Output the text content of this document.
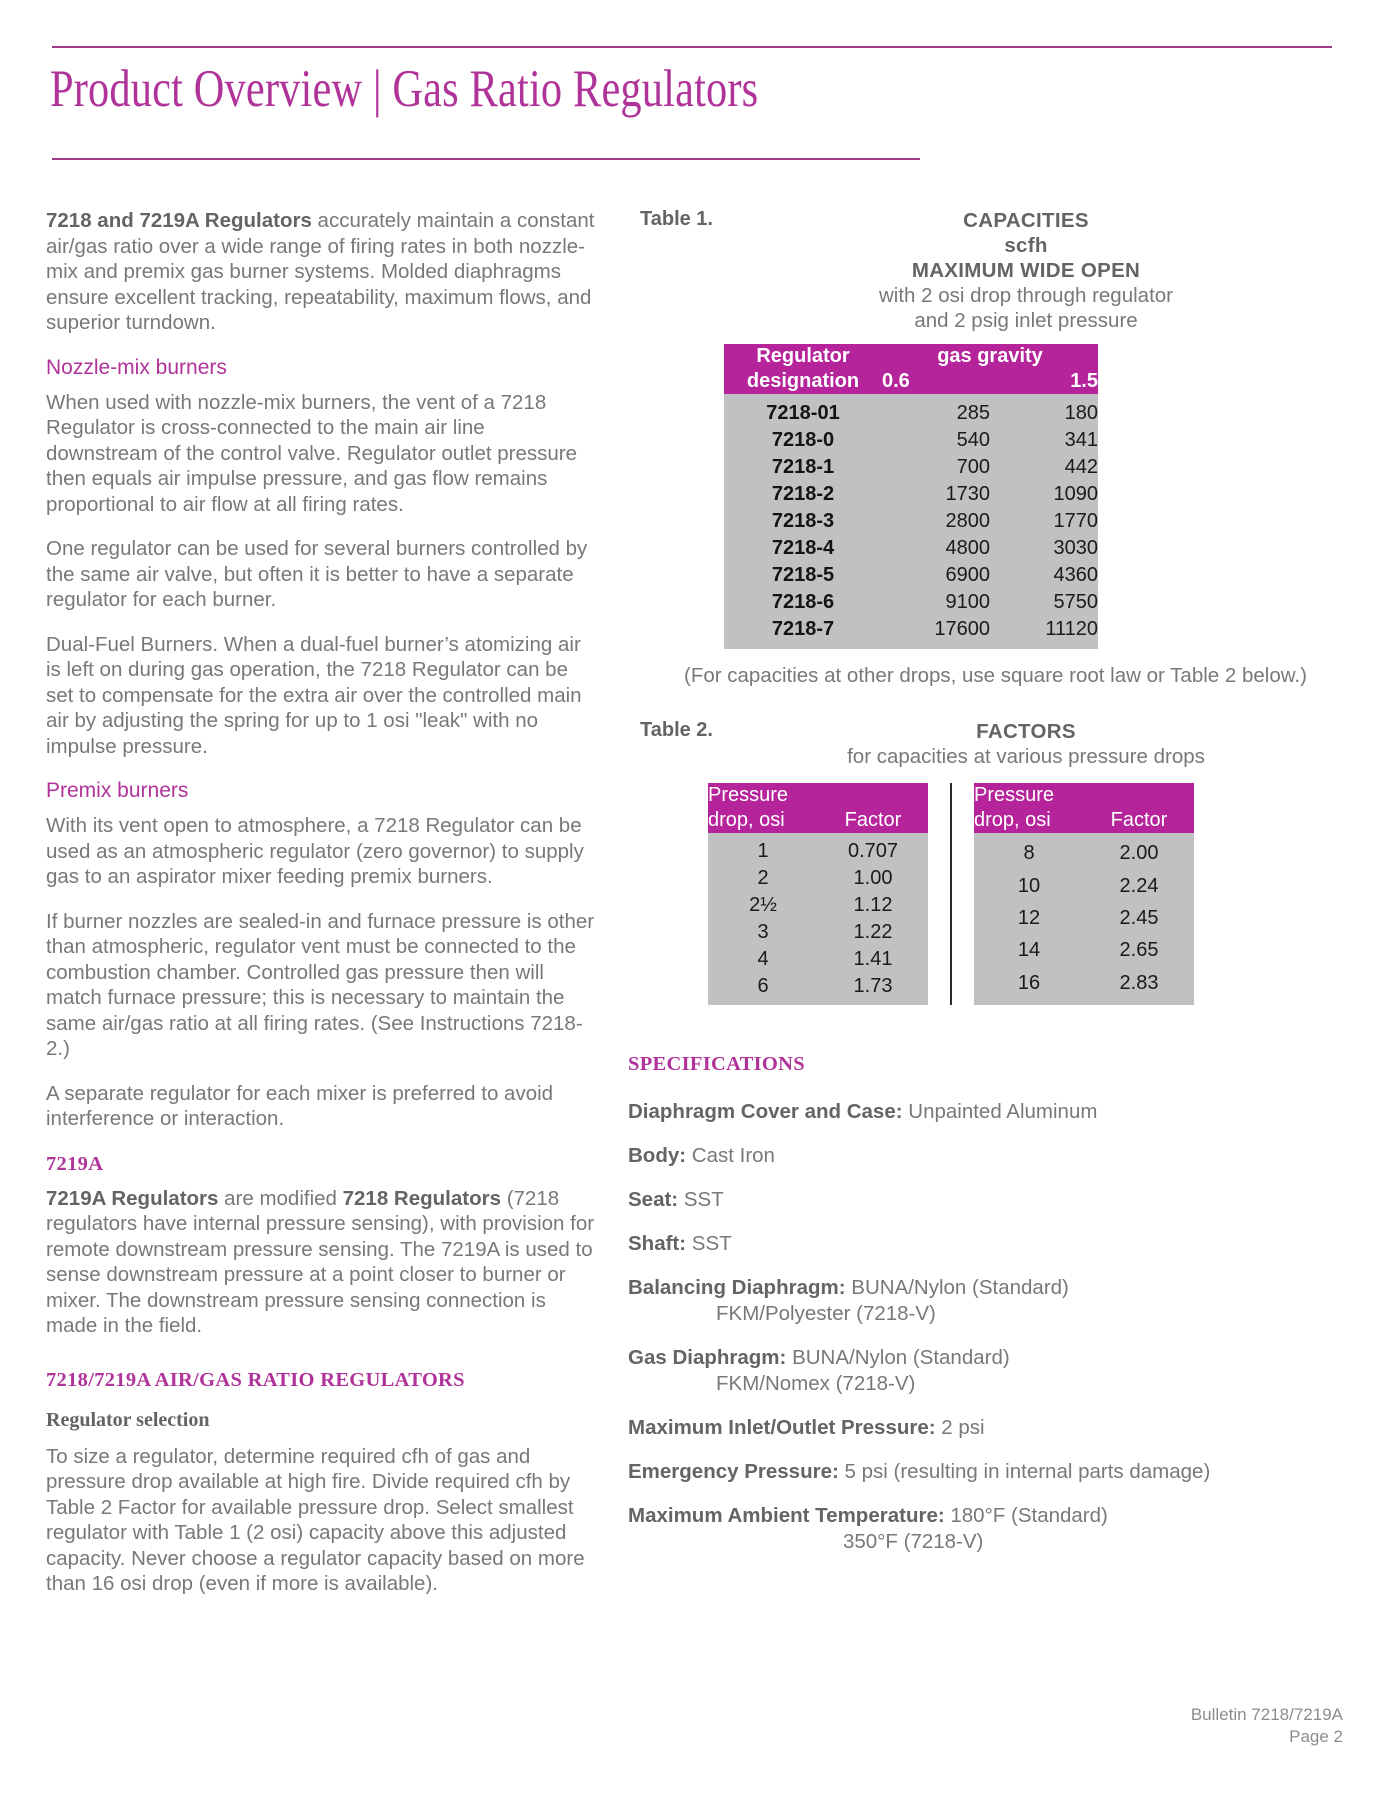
Product Overview | Gas Ratio Regulators

7218 and 7219A Regulators accurately maintain a constant air/gas ratio over a wide range of firing rates in both nozzle-mix and premix gas burner systems. Molded diaphragms ensure excellent tracking, repeatability, maximum flows, and superior turndown.

Nozzle-mix burners

When used with nozzle-mix burners, the vent of a 7218 Regulator is cross-connected to the main air line downstream of the control valve. Regulator outlet pressure then equals air impulse pressure, and gas flow remains proportional to air flow at all firing rates.

One regulator can be used for several burners controlled by the same air valve, but often it is better to have a separate regulator for each burner.

Dual-Fuel Burners. When a dual-fuel burner’s atomizing air is left on during gas operation, the 7218 Regulator can be set to compensate for the extra air over the controlled main air by adjusting the spring for up to 1 osi "leak" with no impulse pressure.

Premix burners

With its vent open to atmosphere, a 7218 Regulator can be used as an atmospheric regulator (zero governor) to supply gas to an aspirator mixer feeding premix burners.

If burner nozzles are sealed-in and furnace pressure is other than atmospheric, regulator vent must be connected to the combustion chamber. Controlled gas pressure then will match furnace pressure; this is necessary to maintain the same air/gas ratio at all firing rates. (See Instructions 7218-2.)

A separate regulator for each mixer is preferred to avoid interference or interaction.

7219A

7219A Regulators are modified 7218 Regulators (7218 regulators have internal pressure sensing), with provision for remote downstream pressure sensing. The 7219A is used to sense downstream pressure at a point closer to burner or mixer. The downstream pressure sensing connection is made in the field.

7218/7219A AIR/GAS RATIO REGULATORS
Regulator selection

To size a regulator, determine required cfh of gas and pressure drop available at high fire. Divide required cfh by Table 2 Factor for available pressure drop. Select smallest regulator with Table 1 (2 osi) capacity above this adjusted capacity. Never choose a regulator capacity based on more than 16 osi drop (even if more is available).

Table 1.	CAPACITIES
scfh
MAXIMUM WIDE OPEN
with 2 osi drop through regulator
and 2 psig inlet pressure
Regulator
designation	gas gravity	
	0.6	1.5
7218-01	285	180
7218-0	540	341
7218-1	700	442
7218-2	1730	1090
7218-3	2800	1770
7218-4	4800	3030
7218-5	6900	4360
7218-6	9100	5750
7218-7	17600	11120

(For capacities at other drops, use square root law or Table 2 below.)

Table 2.	FACTORS
for capacities at various pressure drops
Pressure
drop, osi	Factor
1	0.707
2	1.00
2½	1.12
3	1.22
4	1.41
6	1.73
Pressure
drop, osi	Factor
8	2.00
10	2.24
12	2.45
14	2.65
16	2.83
SPECIFICATIONS
Diaphragm Cover and Case: Unpainted Aluminum
Body: Cast Iron
Seat: SST
Shaft: SST
Balancing Diaphragm: BUNA/Nylon (Standard)
FKM/Polyester (7218-V)
Gas Diaphragm: BUNA/Nylon (Standard)
FKM/Nomex (7218-V)
Maximum Inlet/Outlet Pressure: 2 psi
Emergency Pressure: 5 psi (resulting in internal parts damage)
Maximum Ambient Temperature: 180°F (Standard)
350°F (7218-V)
Bulletin 7218/7219A
Page 2
